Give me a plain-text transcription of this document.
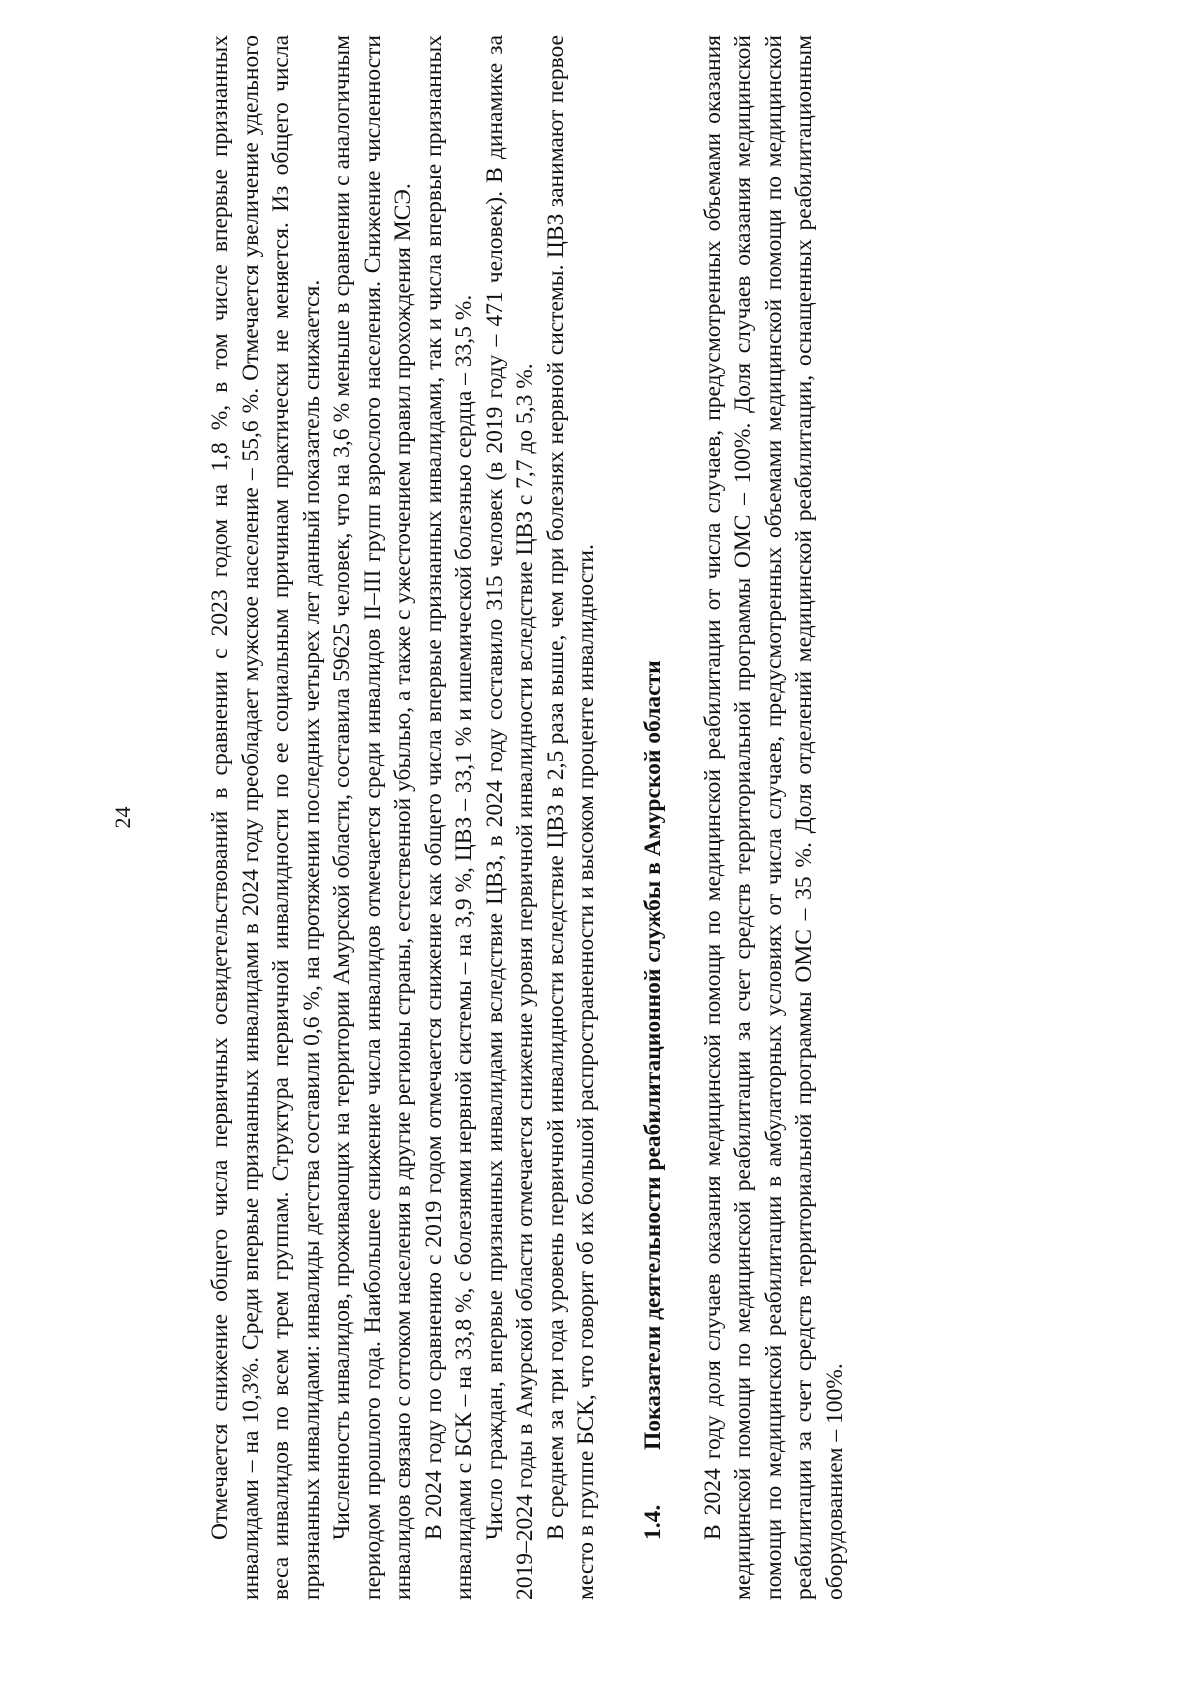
24	Отмечается снижение общего числа первичных освидетельствований в сравнении с 2023 годом на 1,8 %, в том числе впервые признанных инвалидами – на 10,3%. Среди впервые признанных инвалидами в 2024 году преобладает мужское население – 55,6 %. Отмечается увеличение удельного веса инвалидов по всем трем группам. Структура первичной инвалидности по ее социальным причинам практически не меняется. Из общего числа признанных инвалидами: инвалиды детства составили 0,6 %, на протяжении последних четырех лет данный показатель снижается. Численность инвалидов, проживающих на территории Амурской области, составила 59625 человек, что на 3,6 % меньше в сравнении с аналогичным периодом прошлого года. Наибольшее снижение числа инвалидов отмечается среди инвалидов II–III групп взрослого населения. Снижение численности инвалидов связано с оттоком населения в другие регионы страны, естественной убылью, а также с ужесточением правил прохождения МСЭ. В 2024 году по сравнению с 2019 годом отмечается снижение как общего числа впервые признанных инвалидами, так и числа впервые признанных инвалидами с БСК – на 33,8 %, с болезнями нервной системы – на 3,9 %, ЦВЗ – 33,1 % и ишемической болезнью сердца – 33,5 %. Число граждан, впервые признанных инвалидами вследствие ЦВЗ, в 2024 году составило 315 человек (в 2019 году – 471 человек). В динамике за 2019–2024 годы в Амурской области отмечается снижение уровня первичной инвалидности вследствие ЦВЗ с 7,7 до 5,3 %. В среднем за три года уровень первичной инвалидности вследствие ЦВЗ в 2,5 раза выше, чем при болезнях нервной системы. ЦВЗ занимают первое место в группе БСК, что говорит об их большой распространенности и высоком проценте инвалидности. 1.4.Показатели деятельности реабилитационной службы в Амурской области В 2024 году доля случаев оказания медицинской помощи по медицинской реабилитации от числа случаев, предусмотренных объемами оказания медицинской помощи по медицинской реабилитации за счет средств территориальной программы ОМС – 100%. Доля случаев оказания медицинской помощи по медицинской реабилитации в амбулаторных условиях от числа случаев, предусмотренных объемами медицинской помощи по медицинской реабилитации за счет средств территориальной программы ОМС – 35 %. Доля отделений медицинской реабилитации, оснащенных реабилитационным оборудованием – 100%.
